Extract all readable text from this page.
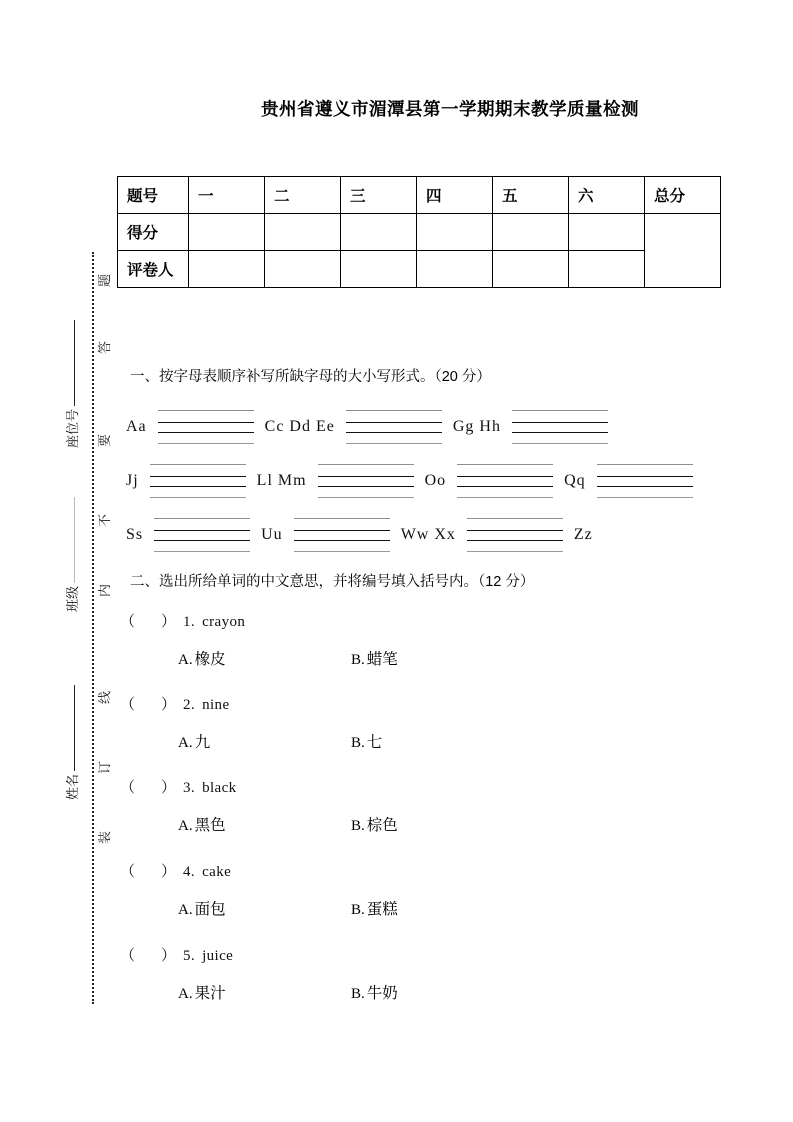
装
订
线
内
不
要
答
题
姓名
班级
座位号
贵州省遵义市湄潭县第一学期期末教学质量检测
题号	一	二	三	四	五	六	总分
得分							
评卷人							
一、按字母表顺序补写所缺字母的大小写形式。（20 分）
Aa	Cc Dd Ee	Gg Hh
Jj	Ll Mm	Oo	Qq
Ss	Uu	Ww Xx	Zz
二、选出所给单词的中文意思，并将编号填入括号内。（12 分）
（ ） 1. crayon
A. 橡皮	B. 蜡笔
（ ） 2. nine
A. 九	B. 七
（ ） 3. black
A. 黑色	B. 棕色
（ ） 4. cake
A. 面包	B. 蛋糕
（ ） 5. juice
A. 果汁	B. 牛奶
